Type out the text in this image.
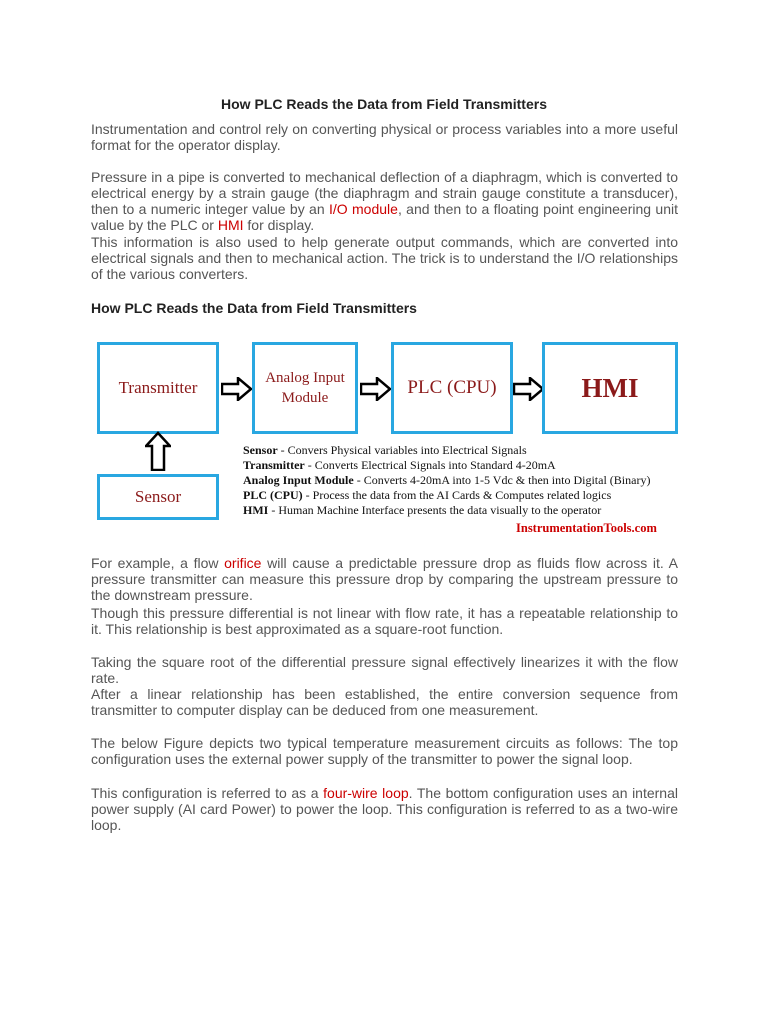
How PLC Reads the Data from Field Transmitters

Instrumentation and control rely on converting physical or process variables into a more useful format for the operator display.

Pressure in a pipe is converted to mechanical deflection of a diaphragm, which is converted to electrical energy by a strain gauge (the diaphragm and strain gauge constitute a transducer), then to a numeric integer value by an I/O module, and then to a floating point engineering unit value by the PLC or HMI for display.

This information is also used to help generate output commands, which are converted into electrical signals and then to mechanical action. The trick is to understand the I/O relationships of the various converters.

How PLC Reads the Data from Field Transmitters
Transmitter	Analog Input
Module	PLC (CPU)	HMI
Sensor
Sensor - Convers Physical variables into Electrical Signals
Transmitter - Converts Electrical Signals into Standard 4-20mA
Analog Input Module - Converts 4-20mA into 1-5 Vdc & then into Digital (Binary)
PLC (CPU) - Process the data from the AI Cards & Computes related logics
HMI - Human Machine Interface presents the data visually to the operator
InstrumentationTools.com

For example, a flow orifice will cause a predictable pressure drop as fluids flow across it. A pressure transmitter can measure this pressure drop by comparing the upstream pressure to the downstream pressure.

Though this pressure differential is not linear with flow rate, it has a repeatable relationship to it. This relationship is best approximated as a square-root function.

Taking the square root of the differential pressure signal effectively linearizes it with the flow rate.

After a linear relationship has been established, the entire conversion sequence from transmitter to computer display can be deduced from one measurement.

The below Figure depicts two typical temperature measurement circuits as follows: The top configuration uses the external power supply of the transmitter to power the signal loop.

This configuration is referred to as a four-wire loop. The bottom configuration uses an internal power supply (AI card Power) to power the loop. This configuration is referred to as a two-wire loop.
